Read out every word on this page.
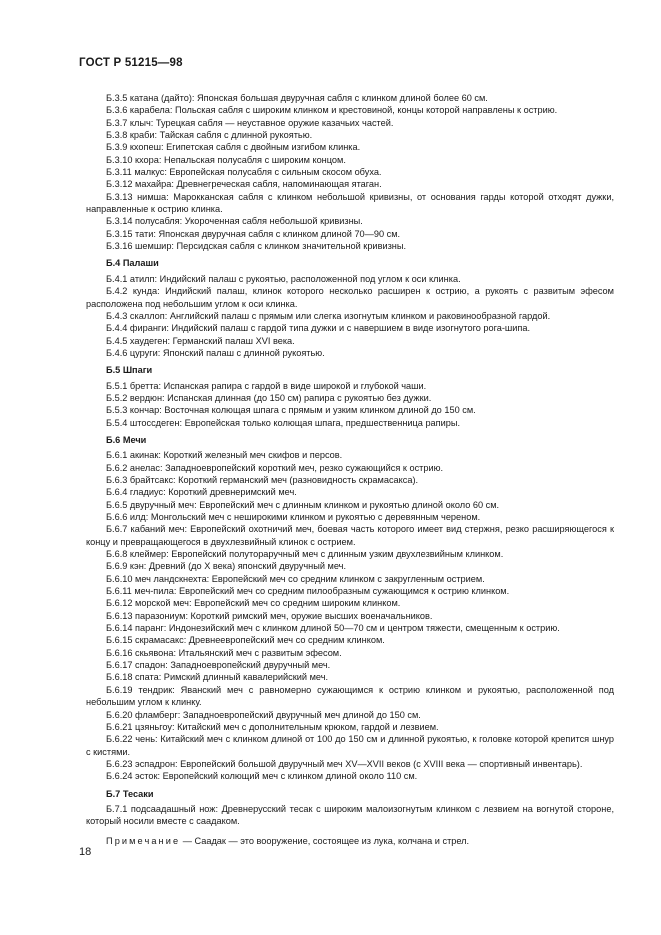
ГОСТ Р 51215—98

Б.3.5 катана (дайто): Японская большая двуручная сабля с клинком длиной более 60 см.

Б.3.6 карабела: Польская сабля с широким клинком и крестовиной, концы которой направлены к острию.

Б.3.7 клыч: Турецкая сабля — неуставное оружие казачьих частей.

Б.3.8 краби: Тайская сабля с длинной рукоятью.

Б.3.9 кхопеш: Египетская сабля с двойным изгибом клинка.

Б.3.10 кхора: Непальская полусабля с широким концом.

Б.3.11 малкус: Европейская полусабля с сильным скосом обуха.

Б.3.12 махайра: Древнегреческая сабля, напоминающая ятаган.

Б.3.13 нимша: Марокканская сабля с клинком небольшой кривизны, от основания гарды которой отходят дужки, направленные к острию клинка.

Б.3.14 полусабля: Укороченная сабля небольшой кривизны.

Б.3.15 тати: Японская двуручная сабля с клинком длиной 70—90 см.

Б.3.16 шемшир: Персидская сабля с клинком значительной кривизны.

Б.4 Палаши

Б.4.1 атилп: Индийский палаш с рукоятью, расположенной под углом к оси клинка.

Б.4.2 кунда: Индийский палаш, клинок которого несколько расширен к острию, а рукоять с развитым эфесом расположена под небольшим углом к оси клинка.

Б.4.3 скаллоп: Английский палаш с прямым или слегка изогнутым клинком и раковинообразной гардой.

Б.4.4 фиранги: Индийский палаш с гардой типа дужки и с навершием в виде изогнутого рога-шипа.

Б.4.5 хаудеген: Германский палаш XVI века.

Б.4.6 цуруги: Японский палаш с длинной рукоятью.

Б.5 Шпаги

Б.5.1 бретта: Испанская рапира с гардой в виде широкой и глубокой чаши.

Б.5.2 вердюн: Испанская длинная (до 150 см) рапира с рукоятью без дужки.

Б.5.3 кончар: Восточная колющая шпага с прямым и узким клинком длиной до 150 см.

Б.5.4 штоссдеген: Европейская только колющая шпага, предшественница рапиры.

Б.6 Мечи

Б.6.1 акинак: Короткий железный меч скифов и персов.

Б.6.2 анелас: Западноевропейский короткий меч, резко сужающийся к острию.

Б.6.3 брайтсакс: Короткий германский меч (разновидность скрамасакса).

Б.6.4 гладиус: Короткий древнеримский меч.

Б.6.5 двуручный меч: Европейский меч с длинным клинком и рукоятью длиной около 60 см.

Б.6.6 илд: Монгольский меч с неширокими клинком и рукоятью с деревянным череном.

Б.6.7 кабаний меч: Европейский охотничий меч, боевая часть которого имеет вид стержня, резко расширяющегося к концу и превращающегося в двухлезвийный клинок с острием.

Б.6.8 клеймер: Европейский полутораручный меч с длинным узким двухлезвийным клинком.

Б.6.9 кэн: Древний (до X века) японский двуручный меч.

Б.6.10 меч ландскнехта: Европейский меч со средним клинком с закругленным острием.

Б.6.11 меч-пила: Европейский меч со средним пилообразным сужающимся к острию клинком.

Б.6.12 морской меч: Европейский меч со средним широким клинком.

Б.6.13 паразониум: Короткий римский меч, оружие высших военачальников.

Б.6.14 паранг: Индонезийский меч с клинком длиной 50—70 см и центром тяжести, смещенным к острию.

Б.6.15 скрамасакс: Древнеевропейский меч со средним клинком.

Б.6.16 скьявона: Итальянский меч с развитым эфесом.

Б.6.17 спадон: Западноевропейский двуручный меч.

Б.6.18 спата: Римский длинный кавалерийский меч.

Б.6.19 тендрик: Яванский меч с равномерно сужающимся к острию клинком и рукоятью, расположенной под небольшим углом к клинку.

Б.6.20 фламберг: Западноевропейский двуручный меч длиной до 150 см.

Б.6.21 цзяньгоу: Китайский меч с дополнительным крюком, гардой и лезвием.

Б.6.22 чень: Китайский меч с клинком длиной от 100 до 150 см и длинной рукоятью, к головке которой крепится шнур с кистями.

Б.6.23 эспадрон: Европейский большой двуручный меч XV—XVII веков (с XVIII века — спортивный инвентарь).

Б.6.24 эсток: Европейский колющий меч с клинком длиной около 110 см.

Б.7 Тесаки

Б.7.1 подсаадашный нож: Древнерусский тесак с широким малоизогнутым клинком с лезвием на вогнутой стороне, который носили вместе с саадаком.

Примечание — Саадак — это вооружение, состоящее из лука, колчана и стрел.

18
